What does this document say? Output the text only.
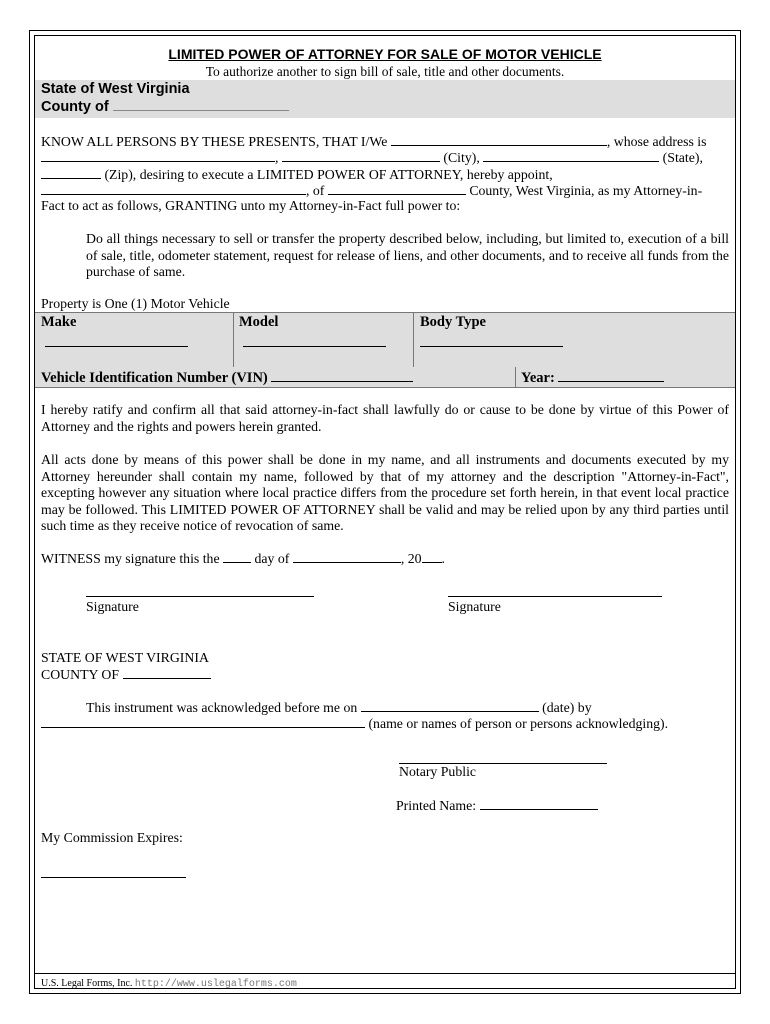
LIMITED POWER OF ATTORNEY FOR SALE OF MOTOR VEHICLE
To authorize another to sign bill of sale, title and other documents.
State of West Virginia
County of
KNOW ALL PERSONS BY THESE PRESENTS, THAT I/We	, whose address is
,	(City),	(State),
(Zip), desiring to execute a LIMITED POWER OF ATTORNEY, hereby appoint,
, of	County, West Virginia, as my Attorney-in-
Fact to act as follows, GRANTING unto my Attorney-in-Fact full power to:
Do all things necessary to sell or transfer the property described below, including, but limited to, execution of a bill of sale, title, odometer statement, request for release of liens, and other documents, and to receive all funds from the purchase of same.
Property is One (1) Motor Vehicle
Make	Model	Body Type
Vehicle Identification Number (VIN)	Year:
I hereby ratify and confirm all that said attorney-in-fact shall lawfully do or cause to be done by virtue of this Power of Attorney and the rights and powers herein granted.
All acts done by means of this power shall be done in my name, and all instruments and documents executed by my Attorney hereunder shall contain my name, followed by that of my attorney and the description "Attorney-in-Fact", excepting however any situation where local practice differs from the procedure set forth herein, in that event local practice may be followed. This LIMITED POWER OF ATTORNEY shall be valid and may be relied upon by any third parties until such time as they receive notice of revocation of same.
WITNESS my signature this the	day of	, 20 .
Signature	Signature
STATE OF WEST VIRGINIA
COUNTY OF
This instrument was acknowledged before me on	(date) by
(name or names of person or persons acknowledging).
Notary Public
Printed Name:
My Commission Expires:
U.S. Legal Forms, Inc. http://www.uslegalforms.com
